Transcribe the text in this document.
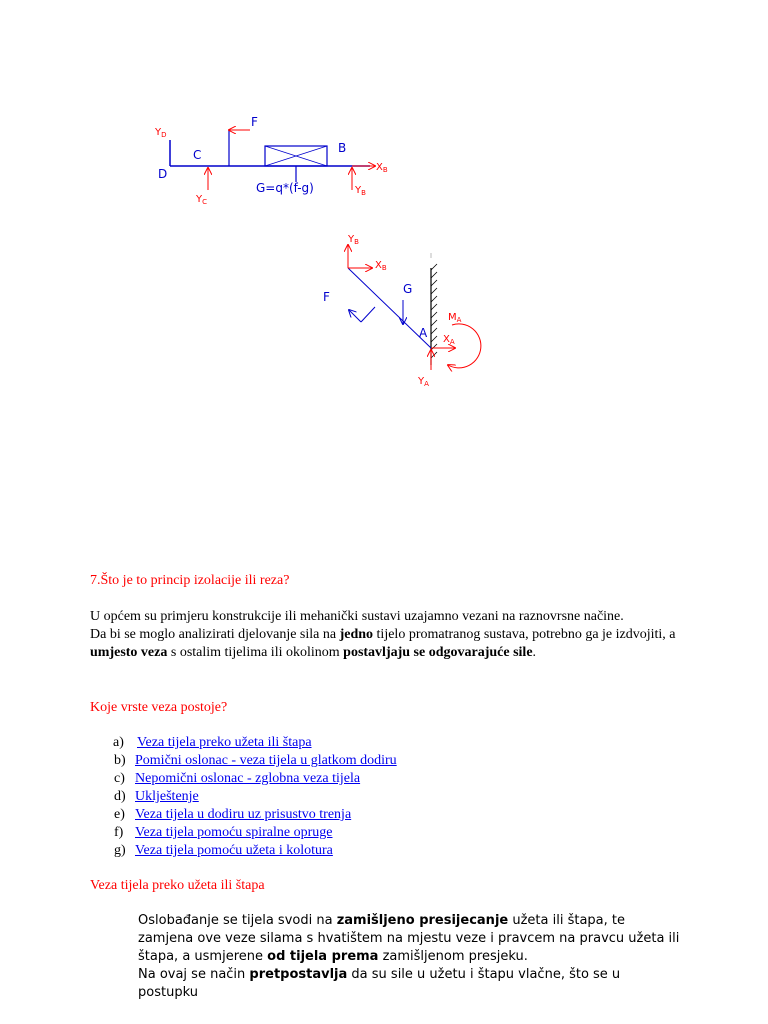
$Y_D$
F
C	B
$X_B$
D
G=q*(f-g)	$Y_B$
$Y_C$
$Y_B$
$X_B$
G
F
$M_A$
A $X_A$
$Y_A$
7.Što je to princip izolacije ili reza?
U općem su primjeru konstrukcije ili mehanički sustavi uzajamno vezani na raznovrsne načine.
Da bi se moglo analizirati djelovanje sila na jedno tijelo promatranog sustava, potrebno ga je izdvojiti, a umjesto veza s ostalim tijelima ili okolinom postavljaju se odgovarajuće sile.
Koje vrste veza postoje?
a) Veza tijela preko užeta ili štapa
b) Pomični oslonac - veza tijela u glatkom dodiru
c) Nepomični oslonac - zglobna veza tijela
d) Uklještenje
e) Veza tijela u dodiru uz prisustvo trenja
f) Veza tijela pomoću spiralne opruge
g) Veza tijela pomoću užeta i kolotura
Veza tijela preko užeta ili štapa
Oslobađanje se tijela svodi na zamišljeno presijecanje užeta ili štapa, te zamjena ove veze silama s hvatištem na mjestu veze i pravcem na pravcu užeta ili štapa, a usmjerene od tijela prema zamišljenom presjeku.
Na ovaj se način pretpostavlja da su sile u užetu i štapu vlačne, što se u postupku
